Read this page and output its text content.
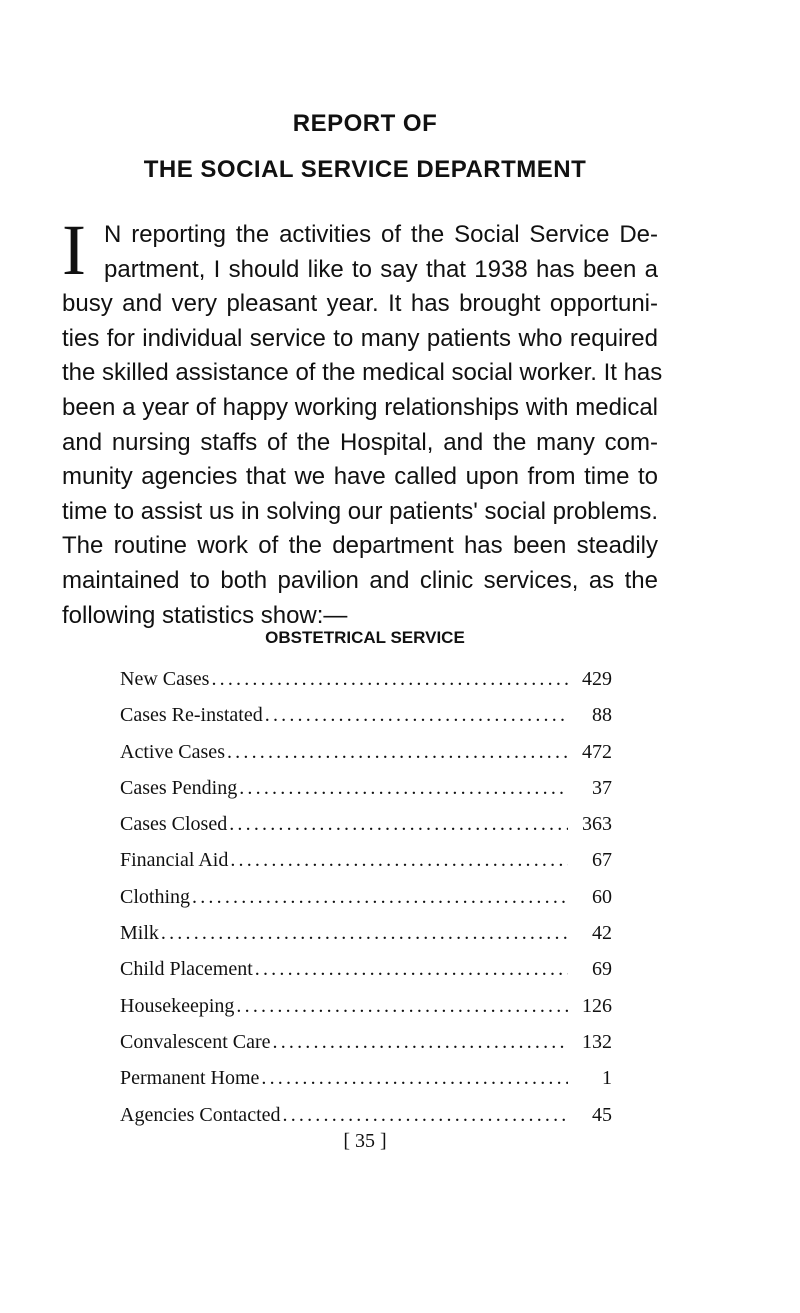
REPORT OF
THE SOCIAL SERVICE DEPARTMENT
I N reporting the activities of the Social Service De-
partment, I should like to say that 1938 has been a
busy and very pleasant year. It has brought opportuni-
ties for individual service to many patients who required
the skilled assistance of the medical social worker. It has
been a year of happy working relationships with medical
and nursing staffs of the Hospital, and the many com-
munity agencies that we have called upon from time to
time to assist us in solving our patients' social problems.
The routine work of the department has been steadily
maintained to both pavilion and clinic services, as the
following statistics show:—
OBSTETRICAL SERVICE
New Cases .....	429
Cases Re-instated .....	88
Active Cases .....	472
Cases Pending .....	37
Cases Closed .....	363
Financial Aid .....	67
Clothing .....	60
Milk .....	42
Child Placement .....	69
Housekeeping .....	126
Convalescent Care .....	132
Permanent Home .....	1
Agencies Contacted .....	45
[ 35 ]
